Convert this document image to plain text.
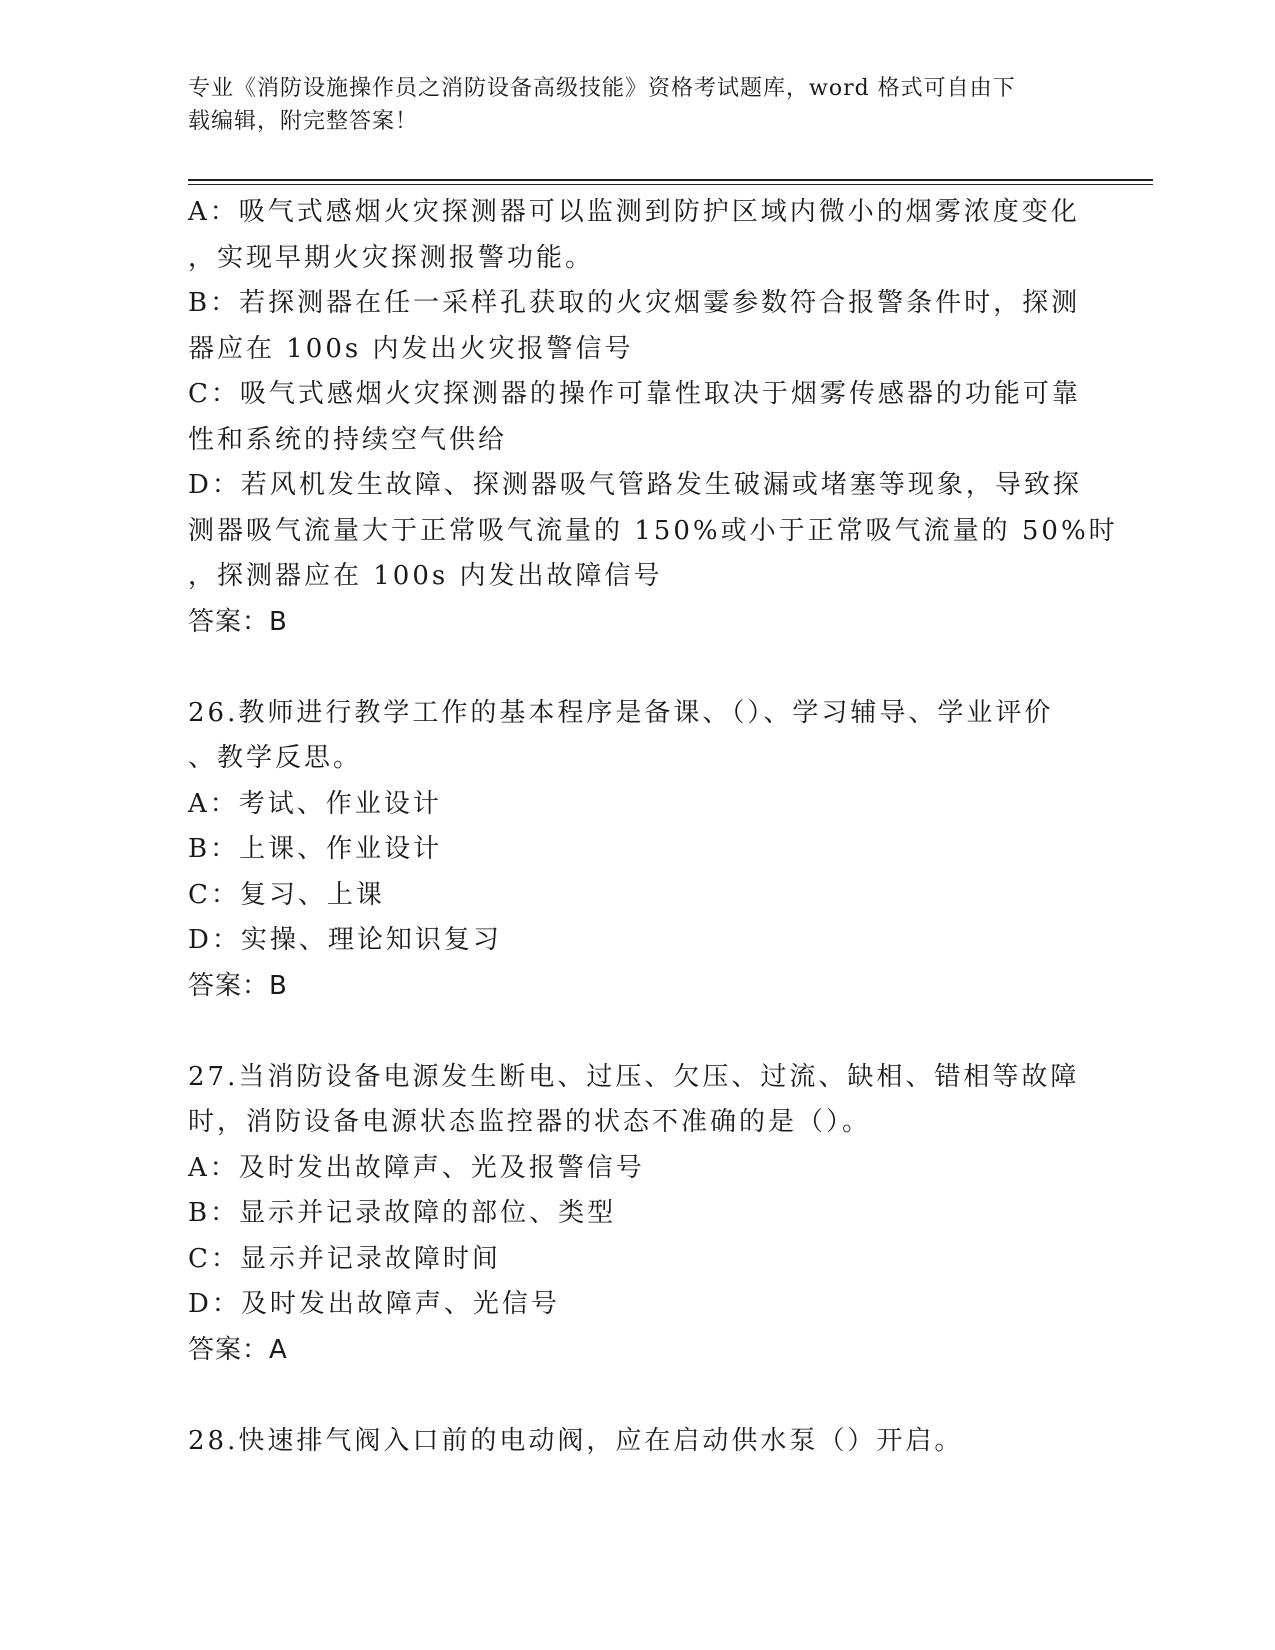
专业《消防设施操作员之消防设备高级技能》资格考试题库，word 格式可自由下
载编辑，附完整答案！
A：吸气式感烟火灾探测器可以监测到防护区域内微小的烟雾浓度变化
，实现早期火灾探测报警功能。
B：若探测器在任一采样孔获取的火灾烟霎参数符合报警条件时，探测
器应在 100s 内发出火灾报警信号
C：吸气式感烟火灾探测器的操作可靠性取决于烟雾传感器的功能可靠
性和系统的持续空气供给
D：若风机发生故障、探测器吸气管路发生破漏或堵塞等现象，导致探
测器吸气流量大于正常吸气流量的 150%或小于正常吸气流量的 50%时
，探测器应在 100s 内发出故障信号
答案：B
26.教师进行教学工作的基本程序是备课、（）、学习辅导、学业评价
、教学反思。
A：考试、作业设计
B：上课、作业设计
C：复习、上课
D：实操、理论知识复习
答案：B
27.当消防设备电源发生断电、过压、欠压、过流、缺相、错相等故障
时，消防设备电源状态监控器的状态不准确的是（）。
A：及时发出故障声、光及报警信号
B：显示并记录故障的部位、类型
C：显示并记录故障时间
D：及时发出故障声、光信号
答案：A
28.快速排气阀入口前的电动阀，应在启动供水泵（）开启。
